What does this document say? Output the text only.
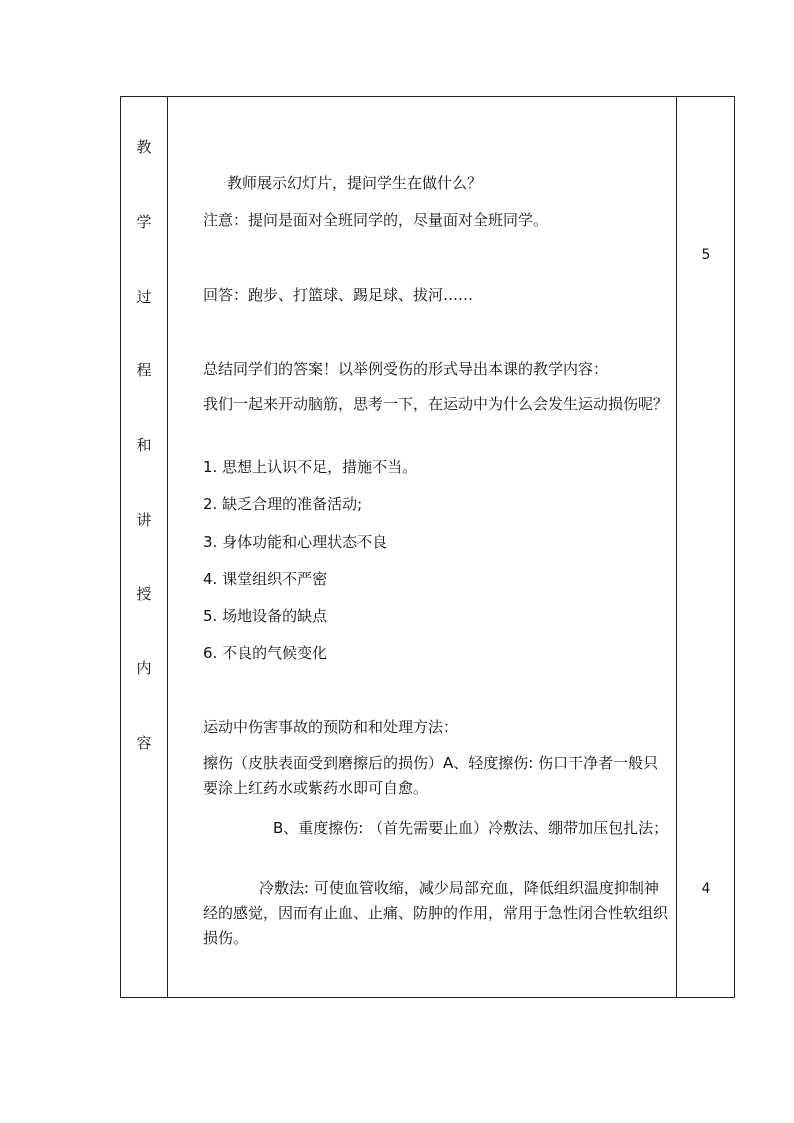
教
学
过
程
和
讲
授
内
容
教师展示幻灯片，提问学生在做什么？
注意：提问是面对全班同学的，尽量面对全班同学。
回答：跑步、打篮球、踢足球、拔河……
总结同学们的答案！以举例受伤的形式导出本课的教学内容：
我们一起来开动脑筋，思考一下，在运动中为什么会发生运动损伤呢？
1. 思想上认识不足，措施不当。
2. 缺乏合理的准备活动;
3. 身体功能和心理状态不良
4. 课堂组织不严密
5. 场地设备的缺点
6. 不良的气候变化
运动中伤害事故的预防和和处理方法：
擦伤（皮肤表面受到磨擦后的损伤）A、轻度擦伤: 伤口干净者一般只要涂上红药水或紫药水即可自愈。
B、重度擦伤: （首先需要止血）冷敷法、绷带加压包扎法；
冷敷法: 可使血管收缩，减少局部充血，降低组织温度抑制神经的感觉，因而有止血、止痛、防肿的作用，常用于急性闭合性软组织损伤。
5
4
